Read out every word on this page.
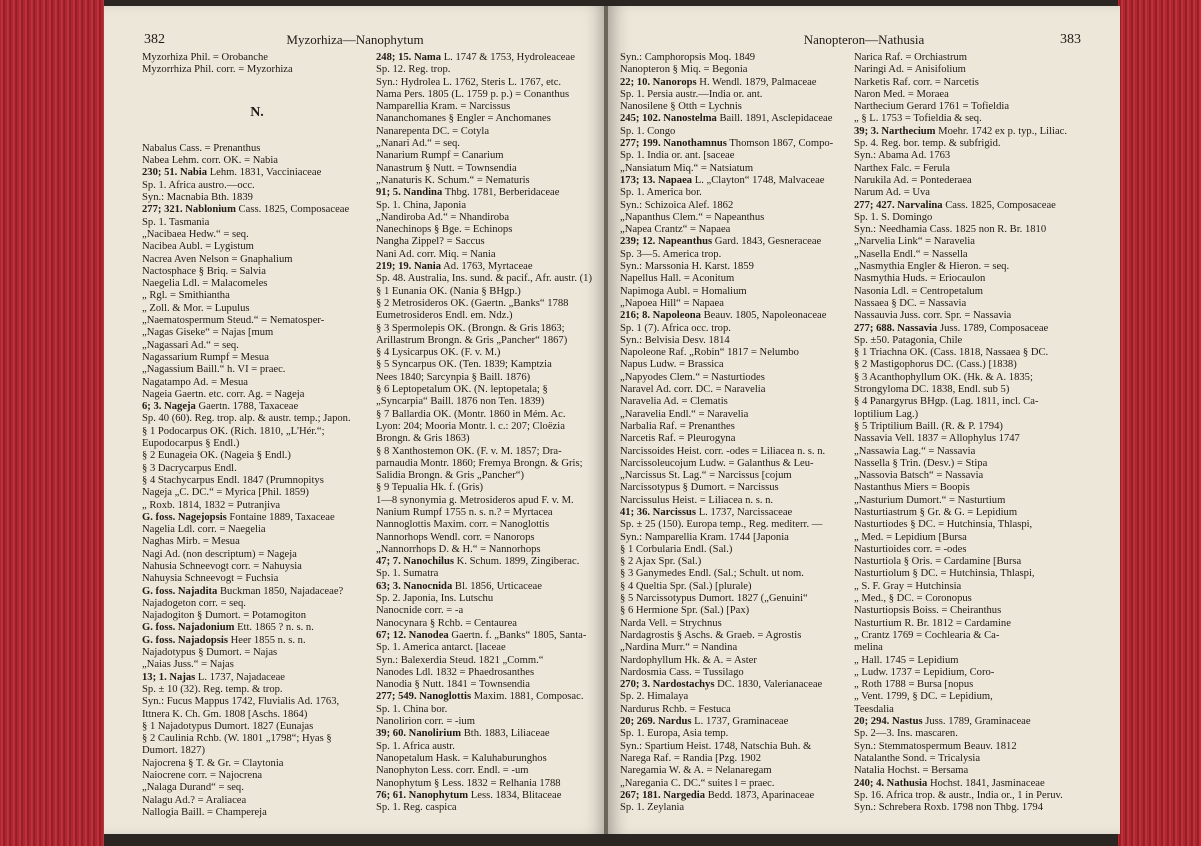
382	Myzorhiza—Nanophytum
Myzorhiza Phil. = Orobanche
Myzorrhiza Phil. corr. = Myzorhiza
N.
Nabalus Cass. = Prenanthus
Nabea Lehm. corr. OK. = Nabia
230; 51. Nabia Lehm. 1831, Vacciniaceae
Sp. 1. Africa austro.—occ.
Syn.: Macnabia Bth. 1839
277; 321. Nablonium Cass. 1825, Composaceae
Sp. 1. Tasmania
„Nacibaea Hedw.“ = seq.
Nacibea Aubl. = Lygistum
Nacrea Aven Nelson = Gnaphalium
Nactosphace § Briq. = Salvia
Naegelia Ldl. = Malacomeles
„ Rgl. = Smithiantha
„ Zoll. & Mor. = Lupulus
„Naematospermum Steud.“ = Nematosper-
„Nagas Giseke“ = Najas [mum
„Nagassari Ad.“ = seq.
Nagassarium Rumpf = Mesua
„Nagassium Baill.“ h. VI = praec.
Nagatampo Ad. = Mesua
Nageia Gaertn. etc. corr. Ag. = Nageja
6; 3. Nageja Gaertn. 1788, Taxaceae
Sp. 40 (60). Reg. trop. alp. & austr. temp.; Japon.
§ 1 Podocarpus OK. (Rich. 1810, „L'Hér.“;
Eupodocarpus § Endl.)
§ 2 Eunageia OK. (Nageia § Endl.)
§ 3 Dacrycarpus Endl.
§ 4 Stachycarpus Endl. 1847 (Prumnopitys
Nageja „C. DC.“ = Myrica [Phil. 1859)
„ Roxb. 1814, 1832 = Putranjiva
G. foss. Nagejopsis Fontaine 1889, Taxaceae
Nagelia Ldl. corr. = Naegelia
Naghas Mirb. = Mesua
Nagi Ad. (non descriptum) = Nageja
Nahusia Schneevogt corr. = Nahuysia
Nahuysia Schneevogt = Fuchsia
G. foss. Najadita Buckman 1850, Najadaceae?
Najadogeton corr. = seq.
Najadogiton § Dumort. = Potamogiton
G. foss. Najadonium Ett. 1865 ? n. s. n.
G. foss. Najadopsis Heer 1855 n. s. n.
Najadotypus § Dumort. = Najas
„Naias Juss.“ = Najas
13; 1. Najas L. 1737, Najadaceae
Sp. ± 10 (32). Reg. temp. & trop.
Syn.: Fucus Mappus 1742, Fluvialis Ad. 1763,
Ittnera K. Ch. Gm. 1808 [Aschs. 1864)
§ 1 Najadotypus Dumort. 1827 (Eunajas
§ 2 Caulinia Rchb. (W. 1801 „1798“; Hyas §
Dumort. 1827)
Najocrena § T. & Gr. = Claytonia
Naiocrene corr. = Najocrena
„Nalaga Durand“ = seq.
Nalagu Ad.? = Araliacea
Nallogia Baill. = Champereja
248; 15. Nama L. 1747 & 1753, Hydroleaceae
Sp. 12. Reg. trop.
Syn.: Hydrolea L. 1762, Steris L. 1767, etc.
Nama Pers. 1805 (L. 1759 p. p.) = Conanthus
Namparellia Kram. = Narcissus
Nananchomanes § Engler = Anchomanes
Nanarepenta DC. = Cotyla
„Nanari Ad.“ = seq.
Nanarium Rumpf = Canarium
Nanastrum § Nutt. = Townsendia
„Nanaturis K. Schum.“ = Nematuris
91; 5. Nandina Thbg. 1781, Berberidaceae
Sp. 1. China, Japonia
„Nandiroba Ad.“ = Nhandiroba
Nanechinops § Bge. = Echinops
Nangha Zippel? = Saccus
Nani Ad. corr. Miq. = Nania
219; 19. Nania Ad. 1763, Myrtaceae
Sp. 48. Australia, Ins. sund. & pacif., Afr. austr. (1)
§ 1 Eunania OK. (Nania § BHgp.)
§ 2 Metrosideros OK. (Gaertn. „Banks“ 1788
Eumetrosideros Endl. em. Ndz.)
§ 3 Spermolepis OK. (Brongn. & Gris 1863;
Arillastrum Brongn. & Gris „Pancher“ 1867)
§ 4 Lysicarpus OK. (F. v. M.)
§ 5 Syncarpus OK. (Ten. 1839; Kamptzia
Nees 1840; Sarcynpia § Baill. 1876)
§ 6 Leptopetalum OK. (N. leptopetala; §
„Syncarpia“ Baill. 1876 non Ten. 1839)
§ 7 Ballardia OK. (Montr. 1860 in Mém. Ac.
Lyon: 204; Mooria Montr. l. c.: 207; Cloëzia
Brongn. & Gris 1863)
§ 8 Xanthostemon OK. (F. v. M. 1857; Dra-
parnaudia Montr. 1860; Fremya Brongn. & Gris;
Salidia Brongn. & Gris „Pancher“)
§ 9 Tepualia Hk. f. (Gris)
1—8 synonymia g. Metrosideros apud F. v. M.
Nanium Rumpf 1755 n. s. n.? = Myrtacea
Nannoglottis Maxim. corr. = Nanoglottis
Nannorhops Wendl. corr. = Nanorops
„Nannorrhops D. & H.“ = Nannorhops
47; 7. Nanochilus K. Schum. 1899, Zingiberac.
Sp. 1. Sumatra
63; 3. Nanocnida Bl. 1856, Urticaceae
Sp. 2. Japonia, Ins. Lutschu
Nanocnide corr. = -a
Nanocynara § Rchb. = Centaurea
67; 12. Nanodea Gaertn. f. „Banks“ 1805, Santa-
Sp. 1. America antarct. [laceae
Syn.: Balexerdia Steud. 1821 „Comm.“
Nanodes Ldl. 1832 = Phaedrosanthes
Nanodia § Nutt. 1841 = Townsendia
277; 549. Nanoglottis Maxim. 1881, Composac.
Sp. 1. China bor.
Nanolirion corr. = -ium
39; 60. Nanolirium Bth. 1883, Liliaceae
Sp. 1. Africa austr.
Nanopetalum Hask. = Kaluhaburunghos
Nanophyton Less. corr. Endl. = -um
Nanophytum § Less. 1832 = Relhania 1788
76; 61. Nanophytum Less. 1834, Blitaceae
Sp. 1. Reg. caspica
Nanopteron—Nathusia	383
Syn.: Camphoropsis Moq. 1849
Nanopteron § Miq. = Begonia
22; 10. Nanorops H. Wendl. 1879, Palmaceae
Sp. 1. Persia austr.—India or. ant.
Nanosilene § Otth = Lychnis
245; 102. Nanostelma Baill. 1891, Asclepidaceae
Sp. 1. Congo
277; 199. Nanothamnus Thomson 1867, Compo-
Sp. 1. India or. ant. [saceae
„Nansiatum Miq.“ = Natsiatum
173; 13. Napaea L. „Clayton“ 1748, Malvaceae
Sp. 1. America bor.
Syn.: Schizoica Alef. 1862
„Napanthus Clem.“ = Napeanthus
„Napea Crantz“ = Napaea
239; 12. Napeanthus Gard. 1843, Gesneraceae
Sp. 3—5. America trop.
Syn.: Marssonia H. Karst. 1859
Napellus Hall. = Aconitum
Napimoga Aubl. = Homalium
„Napoea Hill“ = Napaea
216; 8. Napoleona Beauv. 1805, Napoleonaceae
Sp. 1 (7). Africa occ. trop.
Syn.: Belvisia Desv. 1814
Napoleone Raf. „Robin“ 1817 = Nelumbo
Napus Ludw. = Brassica
„Napyodes Clem.“ = Nasturtiodes
Naravel Ad. corr. DC. = Naravelia
Naravelia Ad. = Clematis
„Naravelia Endl.“ = Naravelia
Narbalia Raf. = Prenanthes
Narcetis Raf. = Pleurogyna
Narcissoides Heist. corr. -odes = Liliacea n. s. n.
Narcissoleucojum Ludw. = Galanthus & Leu-
„Narcissus St. Lag.“ = Narcissus [cojum
Narcissotypus § Dumort. = Narcissus
Narcissulus Heist. = Liliacea n. s. n.
41; 36. Narcissus L. 1737, Narcissaceae
Sp. ± 25 (150). Europa temp., Reg. mediterr. —
Syn.: Namparellia Kram. 1744 [Japonia
§ 1 Corbularia Endl. (Sal.)
§ 2 Ajax Spr. (Sal.)
§ 3 Ganymedes Endl. (Sal.; Schult. ut nom.
§ 4 Queltia Spr. (Sal.) [plurale)
§ 5 Narcissotypus Dumort. 1827 („Genuini“
§ 6 Hermione Spr. (Sal.) [Pax)
Narda Vell. = Strychnus
Nardagrostis § Aschs. & Graeb. = Agrostis
„Nardina Murr.“ = Nandina
Nardophyllum Hk. & A. = Aster
Nardosmia Cass. = Tussilago
270; 3. Nardostachys DC. 1830, Valerianaceae
Sp. 2. Himalaya
Nardurus Rchb. = Festuca
20; 269. Nardus L. 1737, Graminaceae
Sp. 1. Europa, Asia temp.
Syn.: Spartium Heist. 1748, Natschia Buh. &
Narega Raf. = Randia [Pzg. 1902
Naregamia W. & A. = Nelanaregam
„Naregania C. DC.“ suites l = praec.
267; 181. Nargedia Bedd. 1873, Aparinaceae
Sp. 1. Zeylania
Narica Raf. = Orchiastrum
Naringi Ad. = Anisifolium
Narketis Raf. corr. = Narcetis
Naron Med. = Moraea
Narthecium Gerard 1761 = Tofieldia
„ § L. 1753 = Tofieldia & seq.
39; 3. Narthecium Moehr. 1742 ex p. typ., Liliac.
Sp. 4. Reg. bor. temp. & subfrigid.
Syn.: Abama Ad. 1763
Narthex Falc. = Ferula
Narukila Ad. = Pontederaea
Narum Ad. = Uva
277; 427. Narvalina Cass. 1825, Composaceae
Sp. 1. S. Domingo
Syn.: Needhamia Cass. 1825 non R. Br. 1810
„Narvelia Link“ = Naravelia
„Nasella Endl.“ = Nassella
„Nasmythia Engler & Hieron. = seq.
Nasmythia Huds. = Eriocaulon
Nasonia Ldl. = Centropetalum
Nassaea § DC. = Nassavia
Nassauvia Juss. corr. Spr. = Nassavia
277; 688. Nassavia Juss. 1789, Composaceae
Sp. ±50. Patagonia, Chile
§ 1 Triachna OK. (Cass. 1818, Nassaea § DC.
§ 2 Mastigophorus DC. (Cass.) [1838)
§ 3 Acanthophyllum OK. (Hk. & A. 1835;
Strongyloma DC. 1838, Endl. sub 5)
§ 4 Panargyrus BHgp. (Lag. 1811, incl. Ca-
loptilium Lag.)
§ 5 Triptilium Baill. (R. & P. 1794)
Nassavia Vell. 1837 = Allophylus 1747
„Nassawia Lag.“ = Nassavia
Nassella § Trin. (Desv.) = Stipa
„Nassovia Batsch“ = Nassavia
Nastanthus Miers = Boopis
„Nasturium Dumort.“ = Nasturtium
Nasturtiastrum § Gr. & G. = Lepidium
Nasturtiodes § DC. = Hutchinsia, Thlaspi,
„ Med. = Lepidium [Bursa
Nasturtioides corr. = -odes
Nasturtiola § Oris. = Cardamine [Bursa
Nasturtiolum § DC. = Hutchinsia, Thlaspi,
„ S. F. Gray = Hutchinsia
„ Med., § DC. = Coronopus
Nasturtiopsis Boiss. = Cheiranthus
Nasturtium R. Br. 1812 = Cardamine
„ Crantz 1769 = Cochlearia & Ca-
melina
„ Hall. 1745 = Lepidium
„ Ludw. 1737 = Lepidium, Coro-
„ Roth 1788 = Bursa [nopus
„ Vent. 1799, § DC. = Lepidium,
Teesdalia
20; 294. Nastus Juss. 1789, Graminaceae
Sp. 2—3. Ins. mascaren.
Syn.: Stemmatospermum Beauv. 1812
Natalanthe Sond. = Tricalysia
Natalia Hochst. = Bersama
240; 4. Nathusia Hochst. 1841, Jasminaceae
Sp. 16. Africa trop. & austr., India or., 1 in Peruv.
Syn.: Schrebera Roxb. 1798 non Thbg. 1794
